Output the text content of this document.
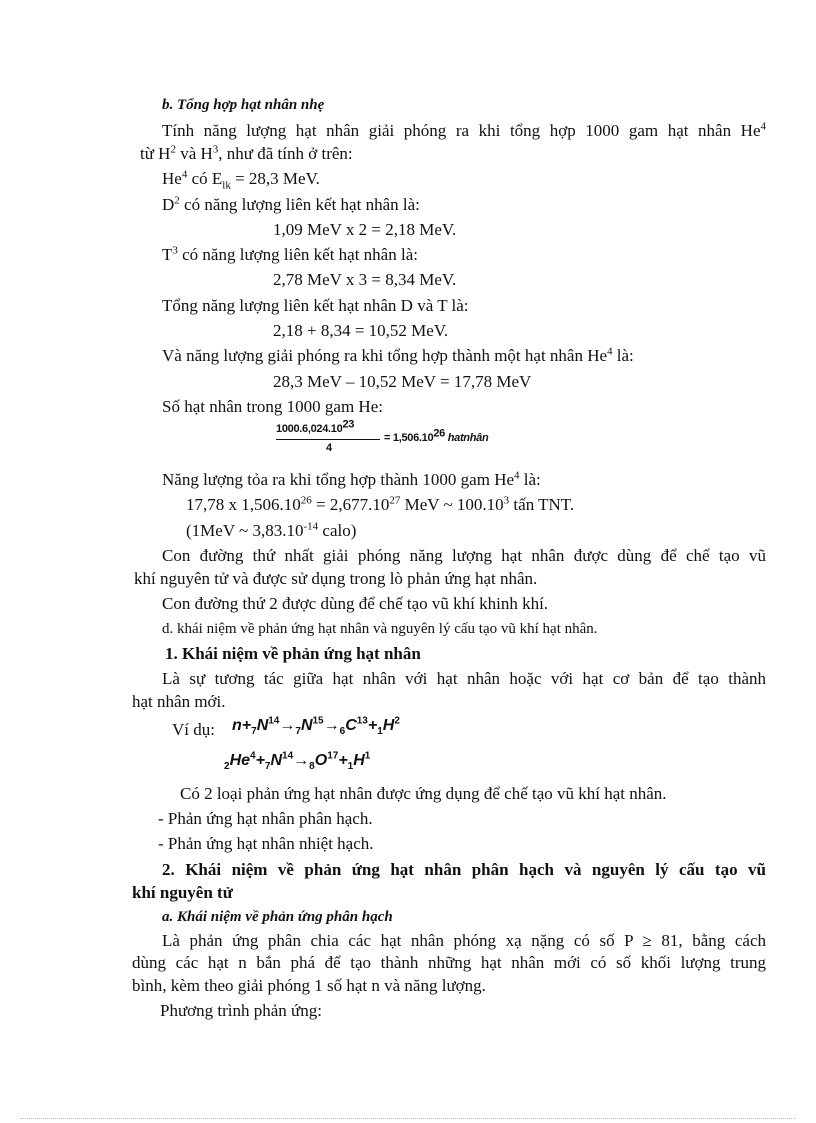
b. Tổng hợp hạt nhân nhẹ
Tính năng lượng hạt nhân giải phóng ra khi tổng hợp 1000 gam hạt nhân He$^4$
từ $H^2$ và $H^3$, như đã tính ở trên:
He$^4$ có $E_{lk} = 28,3$ MeV.
$D^2$ có năng lượng liên kết hạt nhân là:
1,09 MeV x 2 = 2,18 MeV.
$T^3$ có năng lượng liên kết hạt nhân là:
2,78 MeV x 3 = 8,34 MeV.
Tổng năng lượng liên kết hạt nhân D và T là:
2,18 + 8,34 = 10,52 MeV.
Và năng lượng giải phóng ra khi tổng hợp thành một hạt nhân He$^4$ là:
28,3 MeV – 10,52 MeV = 17,78 MeV
Số hạt nhân trong 1000 gam He:
1000.6,024.10$^{23}$
4
= $1,506.10^{26}$ hatnhân
Năng lượng tỏa ra khi tổng hợp thành 1000 gam He$^4$ là:
17,78 x $1,506.10^{26} = 2,677.10^{27}$ MeV ~ 100.10$^3$ tấn TNT.
(1MeV ~ $3,83.10^{-14}$ calo)
Con đường thứ nhất giải phóng năng lượng hạt nhân được dùng để chế tạo vũ
khí nguyên tử và được sử dụng trong lò phản ứng hạt nhân.
Con đường thứ 2 được dùng để chế tạo vũ khí khinh khí.
d. khái niệm về phản ứng hạt nhân và nguyên lý cấu tạo vũ khí hạt nhân.
1. Khái niệm về phản ứng hạt nhân
Là sự tương tác giữa hạt nhân với hạt nhân hoặc với hạt cơ bản để tạo thành
hạt nhân mới.
Ví dụ: $n+_7N^{14}\to_7N^{15}\to_6C^{13}+_1H^2$
$_2He^4+_7N^{14}\to_8O^{17}+_1H^1$
Có 2 loại phản ứng hạt nhân được ứng dụng để chế tạo vũ khí hạt nhân.
- Phản ứng hạt nhân phân hạch.
- Phản ứng hạt nhân nhiệt hạch.
2. Khái niệm về phản ứng hạt nhân phân hạch và nguyên lý cấu tạo vũ
khí nguyên tử
a. Khái niệm về phản ứng phân hạch
Là phản ứng phân chia các hạt nhân phóng xạ nặng có số P ≥ 81, bằng cách
dùng các hạt n bắn phá để tạo thành những hạt nhân mới có số khối lượng trung
bình, kèm theo giải phóng 1 số hạt n và năng lượng.
Phương trình phản ứng:
